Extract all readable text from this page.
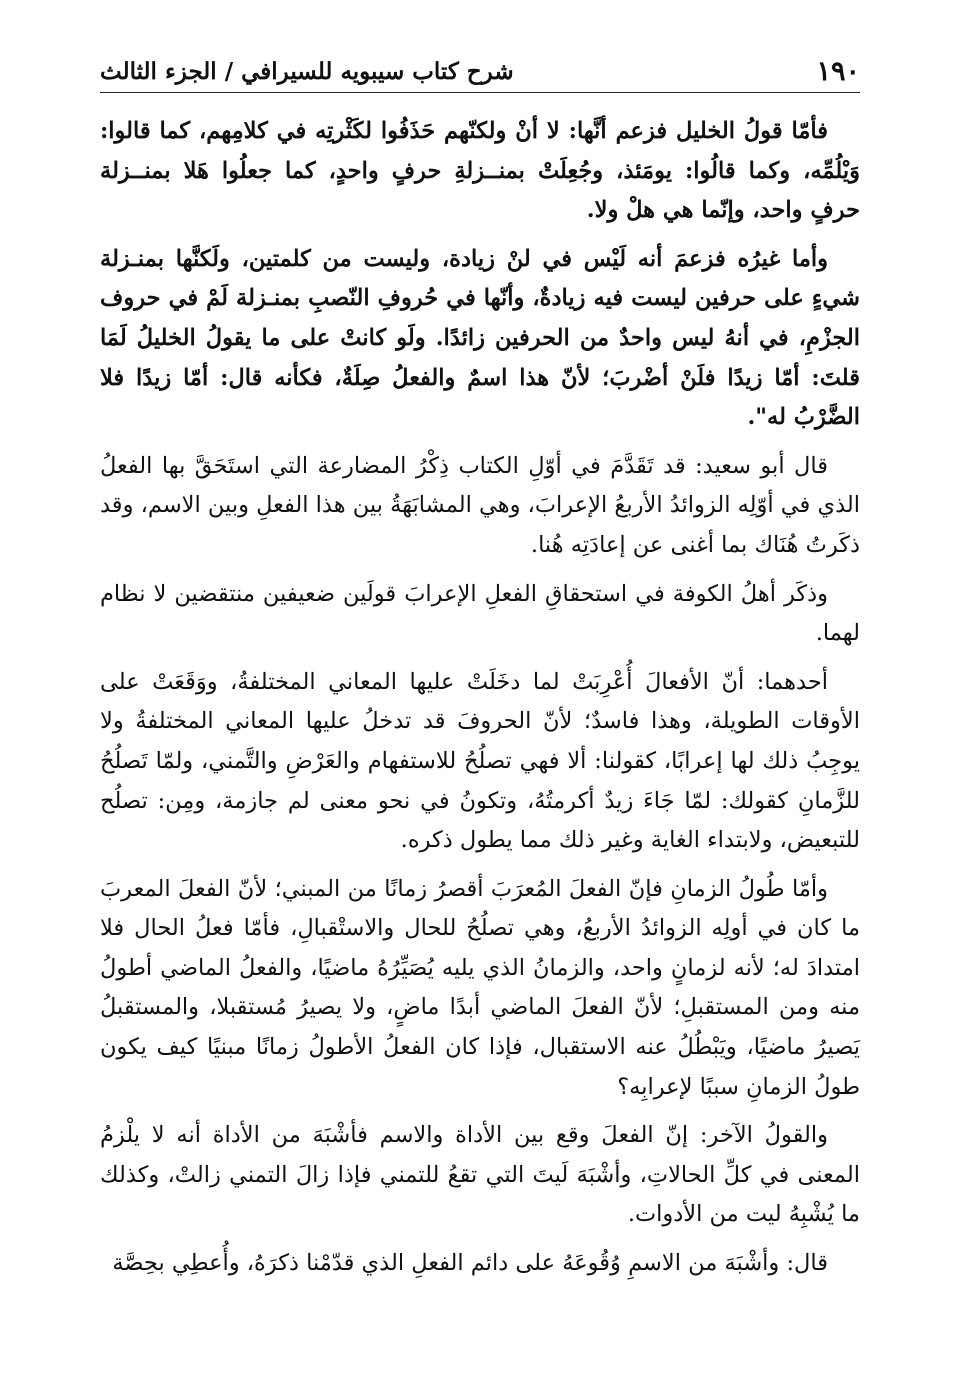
١٩٠
شرح كتاب سيبويه للسيرافي / الجزء الثالث

فأمّا قولُ الخليل فزعم أنَّها: لا أنْ ولكنّهم حَذَفُوا لكَثْرتِه في كلامِهم، كما قالوا: وَيْلُمِّه، وكما قالُوا: يومَئذ، وجُعِلَتْ بمنــزلةِ حرفٍ واحدٍ، كما جعلُوا هَلا بمنــزلة حرفٍ واحد، وإنّما هي هلْ ولا.

وأما غيرُه فزعمَ أنه لَيْس في لنْ زيادة، وليست من كلمتين، ولَكنَّها بمنـزلة شيءٍ على حرفين ليست فيه زيادةٌ، وأنّها في حُروفِ النّصبِ بمنـزلة لَمْ في حروف الجزْمِ، في أنهُ ليس واحدٌ من الحرفين زائدًا. ولَو كانتْ على ما يقولُ الخليلُ لَمَا قلتَ: أمّا زيدًا فلَنْ أضْربَ؛ لأنّ هذا اسمٌ والفعلُ صِلَةٌ، فكأنه قال: أمّا زيدًا فلا الضَّرْبُ له".

قال أبو سعيد: قد تَقَدَّمَ في أوّلِ الكتاب ذِكْرُ المضارعة التي استَحَقَّ بها الفعلُ الذي في أوّلِه الزوائدُ الأربعُ الإعرابَ، وهي المشابَهَةُ بين هذا الفعلِ وبين الاسم، وقد ذكَرتُ هُنَاك بما أغنى عن إعادَتِه هُنا.

وذكَر أهلُ الكوفة في استحقاقِ الفعلِ الإعرابَ قولَين ضعيفين منتقضين لا نظام لهما.

أحدهما: أنّ الأفعالَ أُعْرِبَتْ لما دخَلَتْ عليها المعاني المختلفةُ، ووَقَعَتْ على الأوقات الطويلة، وهذا فاسدٌ؛ لأنّ الحروفَ قد تدخلُ عليها المعاني المختلفةُ ولا يوجِبُ ذلك لها إعرابًا، كقولنا: ألا فهي تصلُحُ للاستفهام والعَرْضِ والتَّمني، ولمّا تَصلُحُ للزَّمانِ كقولك: لمّا جَاءَ زيدٌ أكرمتُهُ، وتكونُ في نحو معنى لم جازمة، ومِن: تصلُح للتبعيض، ولابتداء الغاية وغير ذلك مما يطول ذكره.

وأمّا طُولُ الزمانِ فإنّ الفعلَ المُعرَبَ أقصرُ زمانًا من المبني؛ لأنّ الفعلَ المعربَ ما كان في أولِه الزوائدُ الأربعُ، وهي تصلُحُ للحال والاستْقبالِ، فأمّا فعلُ الحال فلا امتدادَ له؛ لأنه لزمانٍ واحد، والزمانُ الذي يليه يُصَيِّرُهُ ماضيًا، والفعلُ الماضي أطولُ منه ومن المستقبلِ؛ لأنّ الفعلَ الماضي أبدًا ماضٍ، ولا يصيرُ مُستقبلا، والمستقبلُ يَصيرُ ماضيًا، ويَبْطُلُ عنه الاستقبال، فإذا كان الفعلُ الأطولُ زمانًا مبنيًا كيف يكون طولُ الزمانِ سببًا لإعرابِه؟

والقولُ الآخر: إنّ الفعلَ وقع بين الأداة والاسم فأشْبَهَ من الأداة أنه لا يلْزمُ المعنى في كلِّ الحالاتِ، وأشْبَهَ لَيتَ التي تقعُ للتمني فإذا زالَ التمني زالتْ، وكذلك ما يُشْبِهُ ليت من الأدوات.

قال: وأشْبَهَ من الاسمِ وُقُوعَهُ على دائم الفعلِ الذي قدّمْنا ذكرَهُ، وأُعطِي بحِصَّة
